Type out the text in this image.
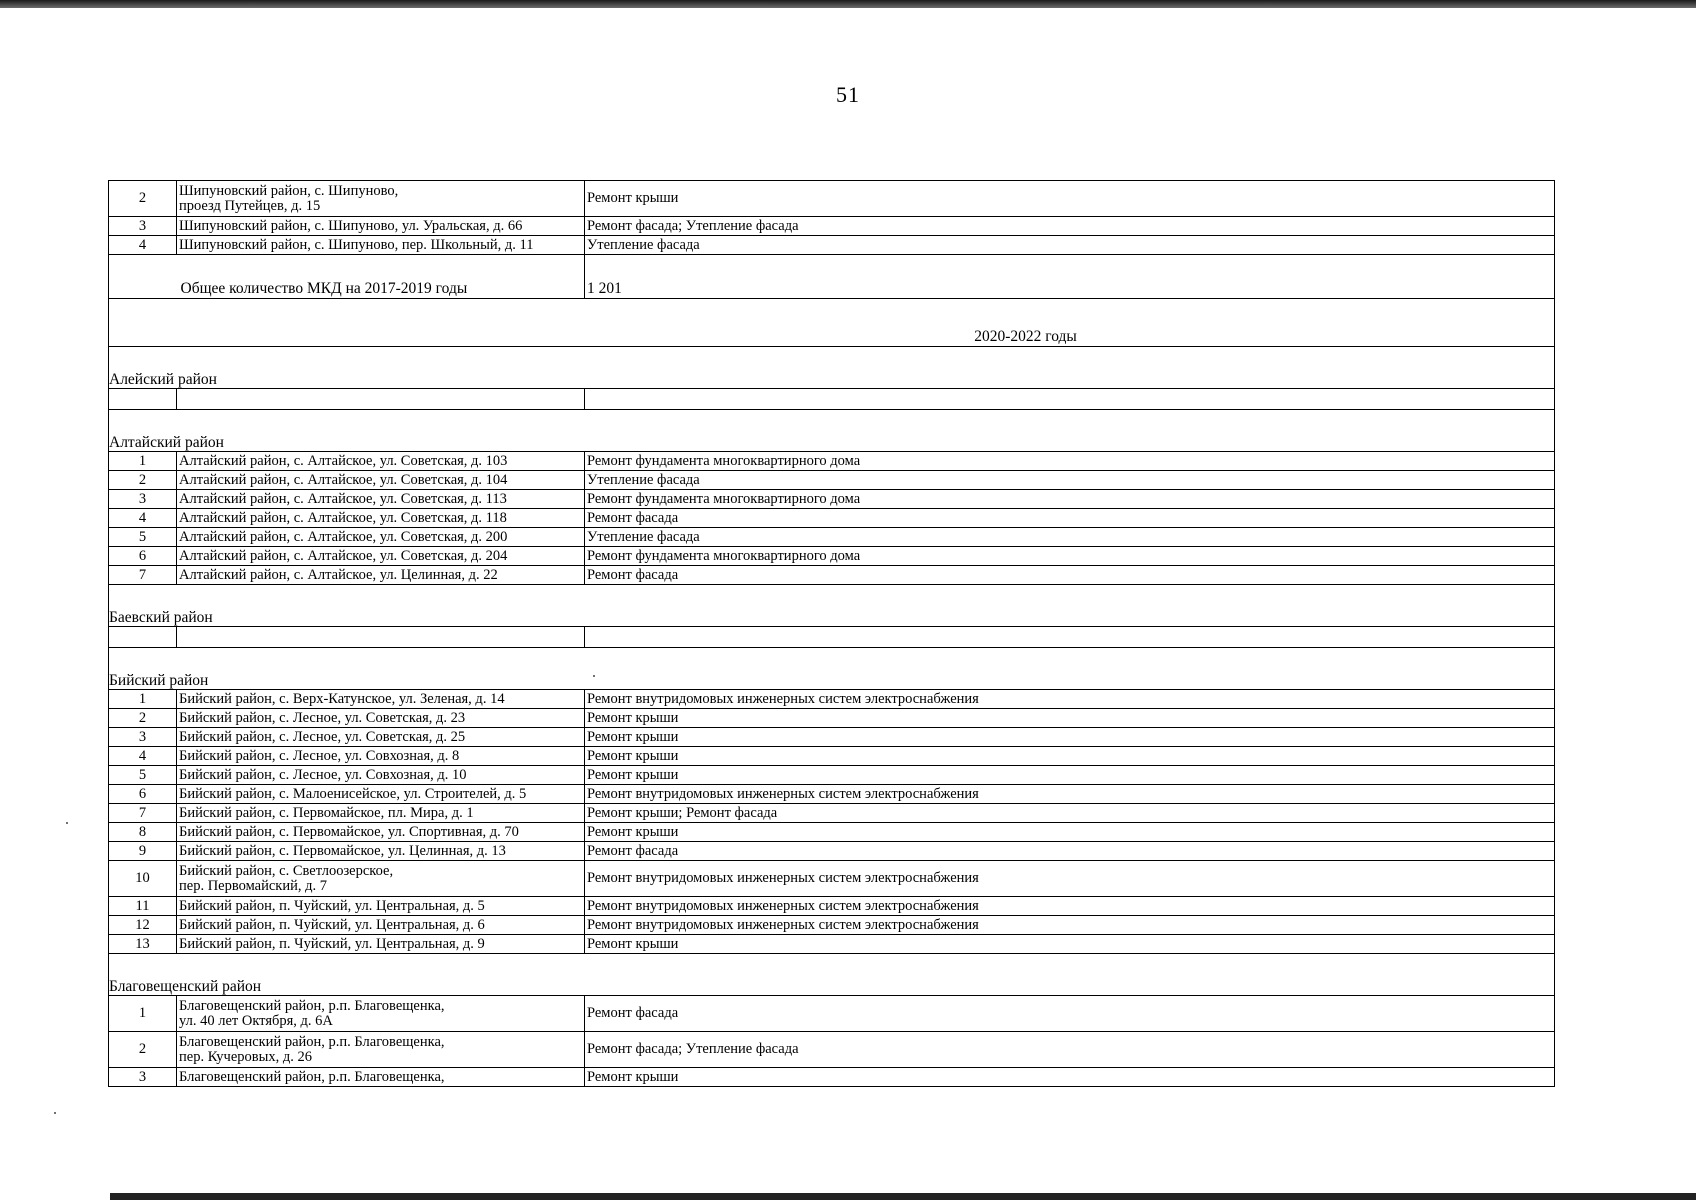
51
2	Шипуновский район, с. Шипуново,
проезд Путейцев, д. 15	Ремонт крыши
3	Шипуновский район, с. Шипуново, ул. Уральская, д. 66	Ремонт фасада; Утепление фасада
4	Шипуновский район, с. Шипуново, пер. Школьный, д. 11	Утепление фасада
	Общее количество МКД на 2017-2019 годы	1 201
2020-2022 годы		
Алейский район		

Алтайский район		
1	Алтайский район, с. Алтайское, ул. Советская, д. 103	Ремонт фундамента многоквартирного дома
2	Алтайский район, с. Алтайское, ул. Советская, д. 104	Утепление фасада
3	Алтайский район, с. Алтайское, ул. Советская, д. 113	Ремонт фундамента многоквартирного дома
4	Алтайский район, с. Алтайское, ул. Советская, д. 118	Ремонт фасада
5	Алтайский район, с. Алтайское, ул. Советская, д. 200	Утепление фасада
6	Алтайский район, с. Алтайское, ул. Советская, д. 204	Ремонт фундамента многоквартирного дома
7	Алтайский район, с. Алтайское, ул. Целинная, д. 22	Ремонт фасада
Баевский район		

Бийский район		
1	Бийский район, с. Верх-Катунское, ул. Зеленая, д. 14	Ремонт внутридомовых инженерных систем электроснабжения
2	Бийский район, с. Лесное, ул. Советская, д. 23	Ремонт крыши
3	Бийский район, с. Лесное, ул. Советская, д. 25	Ремонт крыши
4	Бийский район, с. Лесное, ул. Совхозная, д. 8	Ремонт крыши
5	Бийский район, с. Лесное, ул. Совхозная, д. 10	Ремонт крыши
6	Бийский район, с. Малоенисейское, ул. Строителей, д. 5	Ремонт внутридомовых инженерных систем электроснабжения
7	Бийский район, с. Первомайское, пл. Мира, д. 1	Ремонт крыши; Ремонт фасада
8	Бийский район, с. Первомайское, ул. Спортивная, д. 70	Ремонт крыши
9	Бийский район, с. Первомайское, ул. Целинная, д. 13	Ремонт фасада
10	Бийский район, с. Светлоозерское,
пер. Первомайский, д. 7	Ремонт внутридомовых инженерных систем электроснабжения
11	Бийский район, п. Чуйский, ул. Центральная, д. 5	Ремонт внутридомовых инженерных систем электроснабжения
12	Бийский район, п. Чуйский, ул. Центральная, д. 6	Ремонт внутридомовых инженерных систем электроснабжения
13	Бийский район, п. Чуйский, ул. Центральная, д. 9	Ремонт крыши
Благовещенский район		
1	Благовещенский район, р.п. Благовещенка,
ул. 40 лет Октября, д. 6А	Ремонт фасада
2	Благовещенский район, р.п. Благовещенка,
пер. Кучеровых, д. 26	Ремонт фасада; Утепление фасада
3	Благовещенский район, р.п. Благовещенка,	Ремонт крыши
